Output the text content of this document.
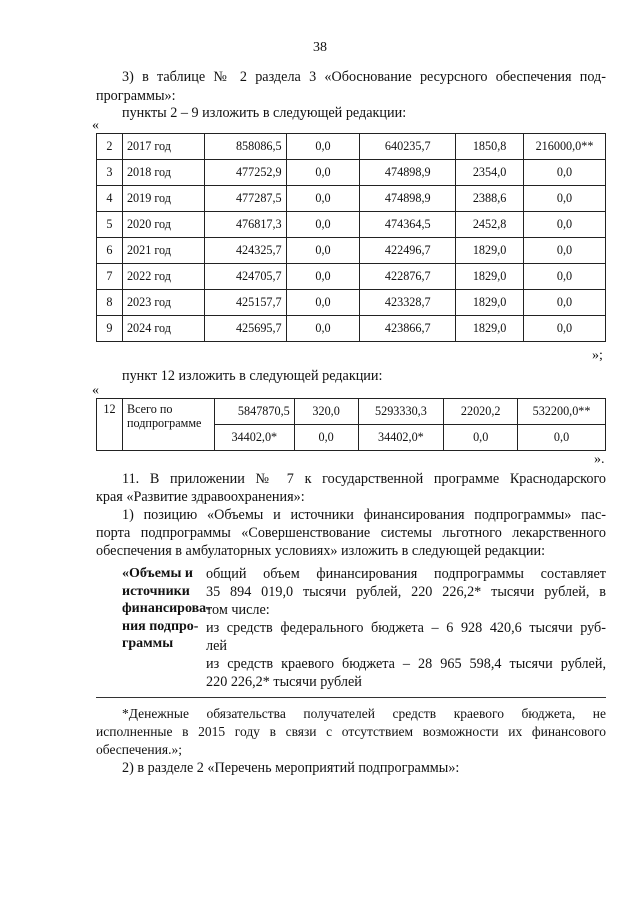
38
3) в таблице № 2 раздела 3 «Обоснование ресурсного обеспечения под-
программы»:
пункты 2 – 9 изложить в следующей редакции:
«
2	2017 год	858086,5	0,0	640235,7	1850,8	216000,0**
3	2018 год	477252,9	0,0	474898,9	2354,0	0,0
4	2019 год	477287,5	0,0	474898,9	2388,6	0,0
5	2020 год	476817,3	0,0	474364,5	2452,8	0,0
6	2021 год	424325,7	0,0	422496,7	1829,0	0,0
7	2022 год	424705,7	0,0	422876,7	1829,0	0,0
8	2023 год	425157,7	0,0	423328,7	1829,0	0,0
9	2024 год	425695,7	0,0	423866,7	1829,0	0,0
»;
пункт 12 изложить в следующей редакции:
«
12	Всего по подпрограмме	5847870,5	320,0	5293330,3	22020,2	532200,0**
		34402,0*	0,0	34402,0*	0,0	0,0
».
11. В приложении № 7 к государственной программе Краснодарского
края «Развитие здравоохранения»:
1) позицию «Объемы и источники финансирования подпрограммы» пас-
порта подпрограммы «Совершенствование системы льготного лекарственного
обеспечения в амбулаторных условиях» изложить в следующей редакции:
«Объемы и
источники
финансирова-
ния подпро-
граммы
общий объем финансирования подпрограммы составляет
35 894 019,0 тысячи рублей, 220 226,2* тысячи рублей, в
том числе:
из средств федерального бюджета – 6 928 420,6 тысячи руб-
лей
из средств краевого бюджета – 28 965 598,4 тысячи рублей,
220 226,2* тысячи рублей
*Денежные обязательства получателей средств краевого бюджета, не
исполненные в 2015 году в связи с отсутствием возможности их финансового
обеспечения.»;
2) в разделе 2 «Перечень мероприятий подпрограммы»:
